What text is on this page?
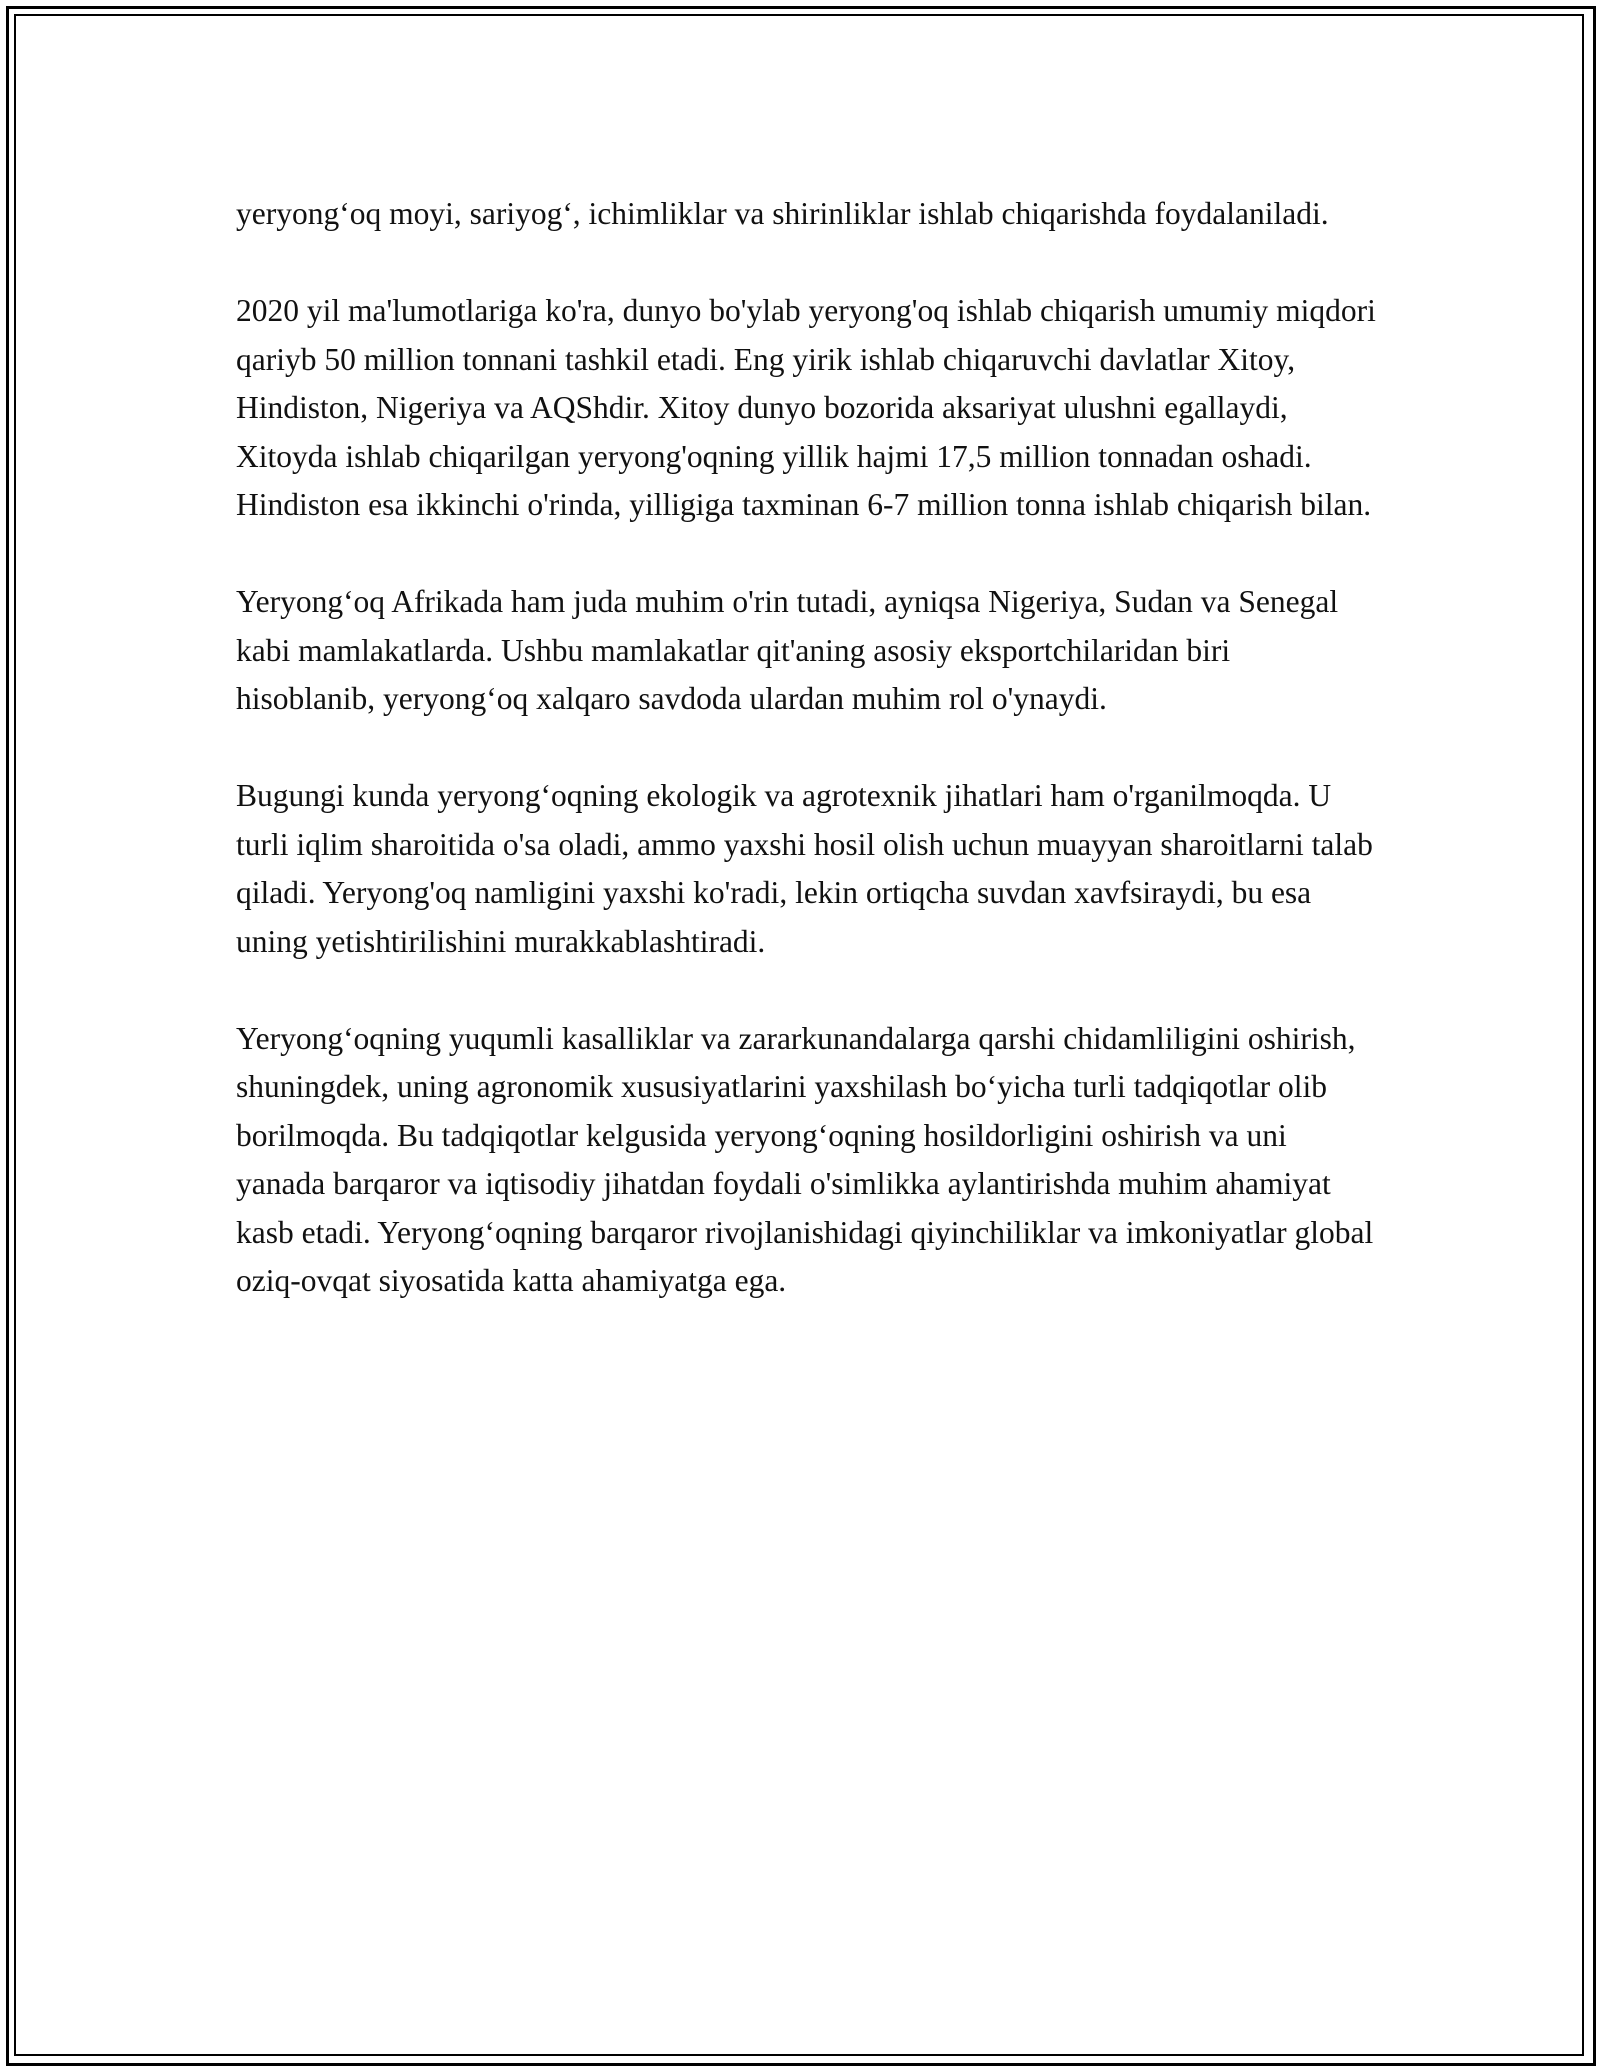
yeryong‘oq moyi, sariyog‘, ichimliklar va shirinliklar ishlab chiqarishda foydalaniladi.

2020 yil ma'lumotlariga ko'ra, dunyo bo'ylab yeryong'oq ishlab chiqarish umumiy miqdori qariyb 50 million tonnani tashkil etadi. Eng yirik ishlab chiqaruvchi davlatlar Xitoy, Hindiston, Nigeriya va AQShdir. Xitoy dunyo bozorida aksariyat ulushni egallaydi, Xitoyda ishlab chiqarilgan yeryong'oqning yillik hajmi 17,5 million tonnadan oshadi. Hindiston esa ikkinchi o'rinda, yilligiga taxminan 6-7 million tonna ishlab chiqarish bilan.

Yeryong‘oq Afrikada ham juda muhim o'rin tutadi, ayniqsa Nigeriya, Sudan va Senegal kabi mamlakatlarda. Ushbu mamlakatlar qit'aning asosiy eksportchilaridan biri hisoblanib, yeryong‘oq xalqaro savdoda ulardan muhim rol o'ynaydi.

Bugungi kunda yeryong‘oqning ekologik va agrotexnik jihatlari ham o'rganilmoqda. U turli iqlim sharoitida o'sa oladi, ammo yaxshi hosil olish uchun muayyan sharoitlarni talab qiladi. Yeryong'oq namligini yaxshi ko'radi, lekin ortiqcha suvdan xavfsiraydi, bu esa uning yetishtirilishini murakkablashtiradi.

Yeryong‘oqning yuqumli kasalliklar va zararkunandalarga qarshi chidamliligini oshirish, shuningdek, uning agronomik xususiyatlarini yaxshilash bo‘yicha turli tadqiqotlar olib borilmoqda. Bu tadqiqotlar kelgusida yeryong‘oqning hosildorligini oshirish va uni yanada barqaror va iqtisodiy jihatdan foydali o'simlikka aylantirishda muhim ahamiyat kasb etadi. Yeryong‘oqning barqaror rivojlanishidagi qiyinchiliklar va imkoniyatlar global oziq-ovqat siyosatida katta ahamiyatga ega.
